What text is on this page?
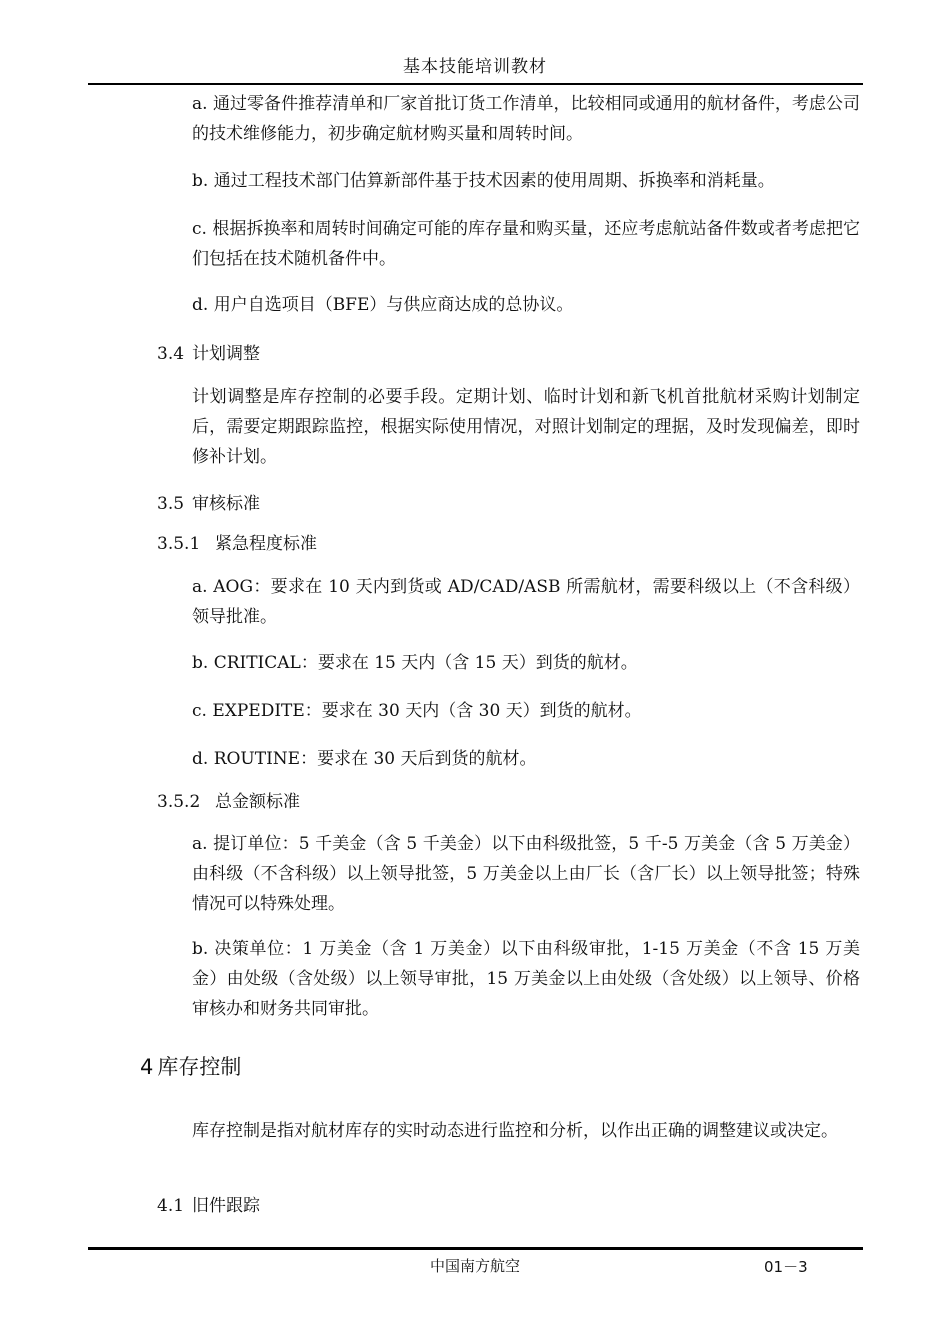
基本技能培训教材

a. 通过零备件推荐清单和厂家首批订货工作清单，比较相同或通用的航材备件，考虑公司的技术维修能力，初步确定航材购买量和周转时间。

b. 通过工程技术部门估算新部件基于技术因素的使用周期、拆换率和消耗量。

c. 根据拆换率和周转时间确定可能的库存量和购买量，还应考虑航站备件数或者考虑把它们包括在技术随机备件中。

d. 用户自选项目（BFE）与供应商达成的总协议。

3.4 计划调整

计划调整是库存控制的必要手段。定期计划、临时计划和新飞机首批航材采购计划制定后，需要定期跟踪监控，根据实际使用情况，对照计划制定的理据，及时发现偏差，即时修补计划。

3.5 审核标准
3.5.1 紧急程度标准

a. AOG：要求在 10 天内到货或 AD/CAD/ASB 所需航材，需要科级以上（不含科级）领导批准。

b. CRITICAL：要求在 15 天内（含 15 天）到货的航材。

c. EXPEDITE：要求在 30 天内（含 30 天）到货的航材。

d. ROUTINE：要求在 30 天后到货的航材。

3.5.2 总金额标准

a. 提订单位：5 千美金（含 5 千美金）以下由科级批签，5 千-5 万美金（含 5 万美金）由科级（不含科级）以上领导批签，5 万美金以上由厂长（含厂长）以上领导批签；特殊情况可以特殊处理。

b. 决策单位：1 万美金（含 1 万美金）以下由科级审批，1-15 万美金（不含 15 万美金）由处级（含处级）以上领导审批，15 万美金以上由处级（含处级）以上领导、价格审核办和财务共同审批。

4 库存控制

库存控制是指对航材库存的实时动态进行监控和分析，以作出正确的调整建议或决定。

4.1 旧件跟踪
中国南方航空	01－3
